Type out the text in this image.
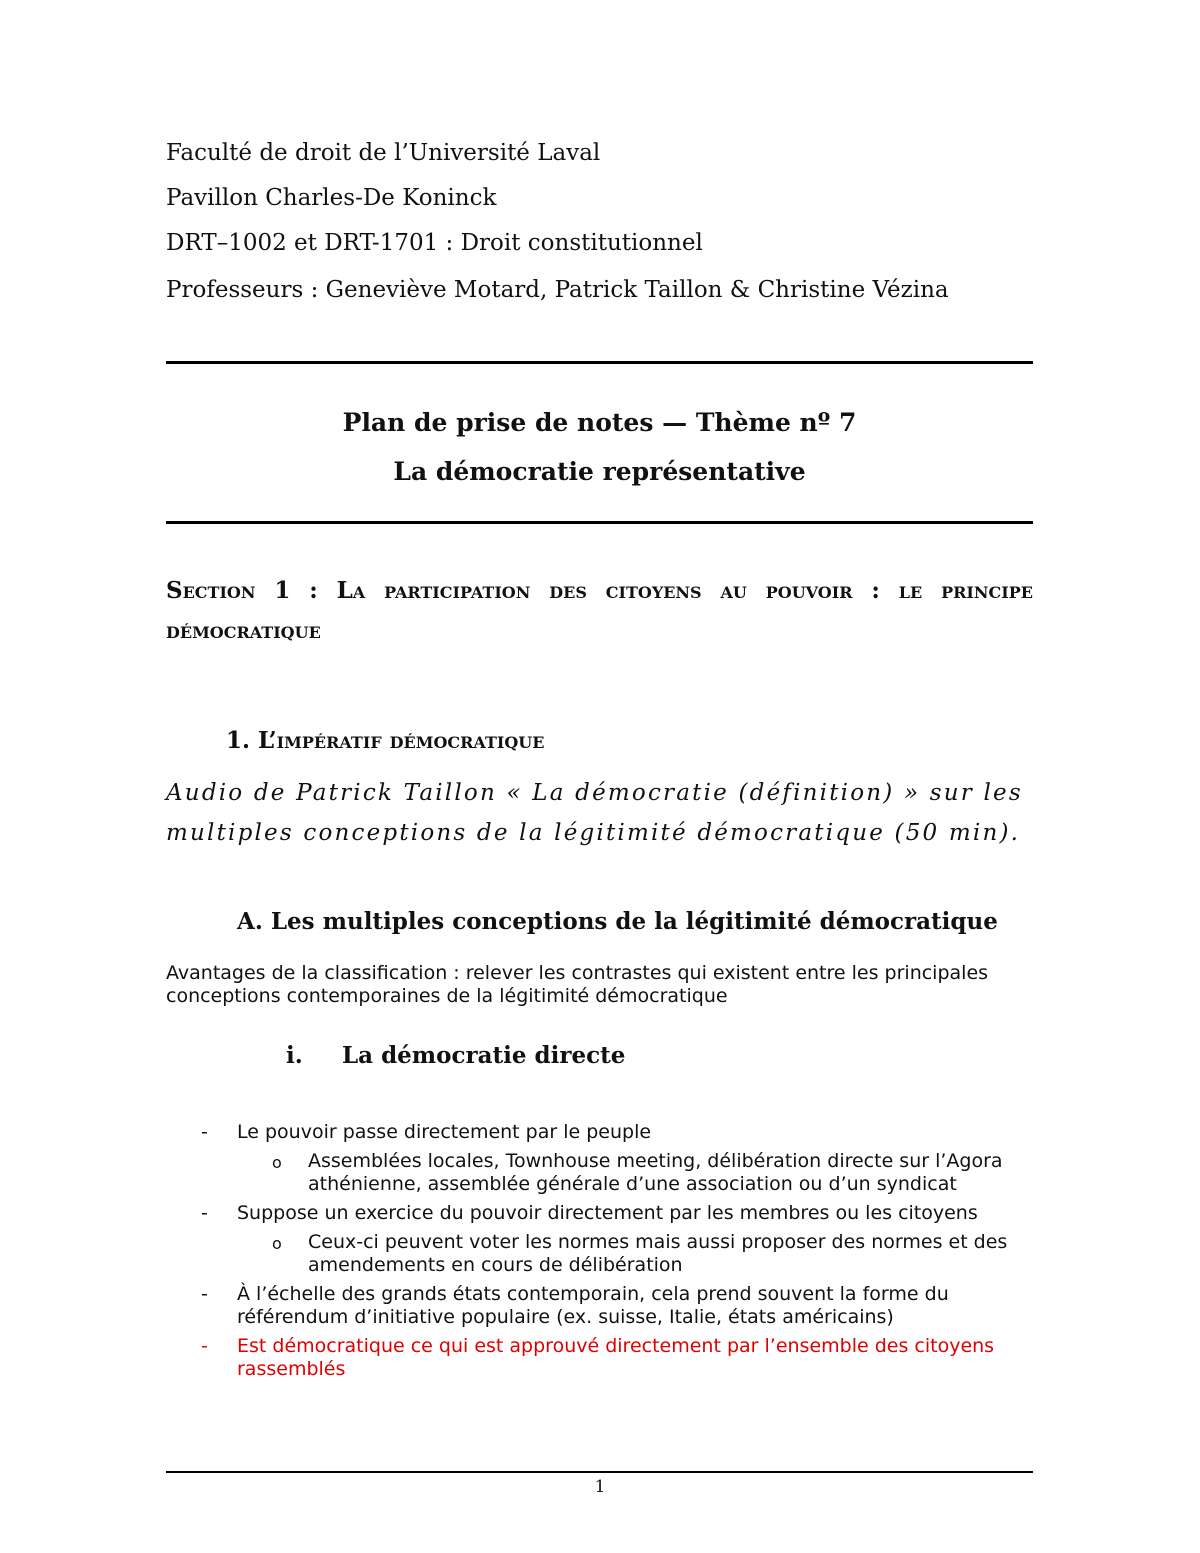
Faculté de droit de l’Université Laval
Pavillon Charles-De Koninck
DRT–1002 et DRT-1701 : Droit constitutionnel
Professeurs : Geneviève Motard, Patrick Taillon & Christine Vézina
Plan de prise de notes — Thème nº 7
La démocratie représentative
Section 1 : La participation des citoyens au pouvoir : le principe démocratique
1. L’impératif démocratique
Audio de Patrick Taillon « La démocratie (définition) » sur les multiples conceptions de la légitimité démocratique (50 min).
A. Les multiples conceptions de la légitimité démocratique
Avantages de la classification : relever les contrastes qui existent entre les principales conceptions contemporaines de la légitimité démocratique
i. La démocratie directe
- Le pouvoir passe directement par le peuple
o Assemblées locales, Townhouse meeting, délibération directe sur l’Agora athénienne, assemblée générale d’une association ou d’un syndicat
- Suppose un exercice du pouvoir directement par les membres ou les citoyens
o Ceux-ci peuvent voter les normes mais aussi proposer des normes et des amendements en cours de délibération
- À l’échelle des grands états contemporain, cela prend souvent la forme du référendum d’initiative populaire (ex. suisse, Italie, états américains)
- Est démocratique ce qui est approuvé directement par l’ensemble des citoyens rassemblés
1
